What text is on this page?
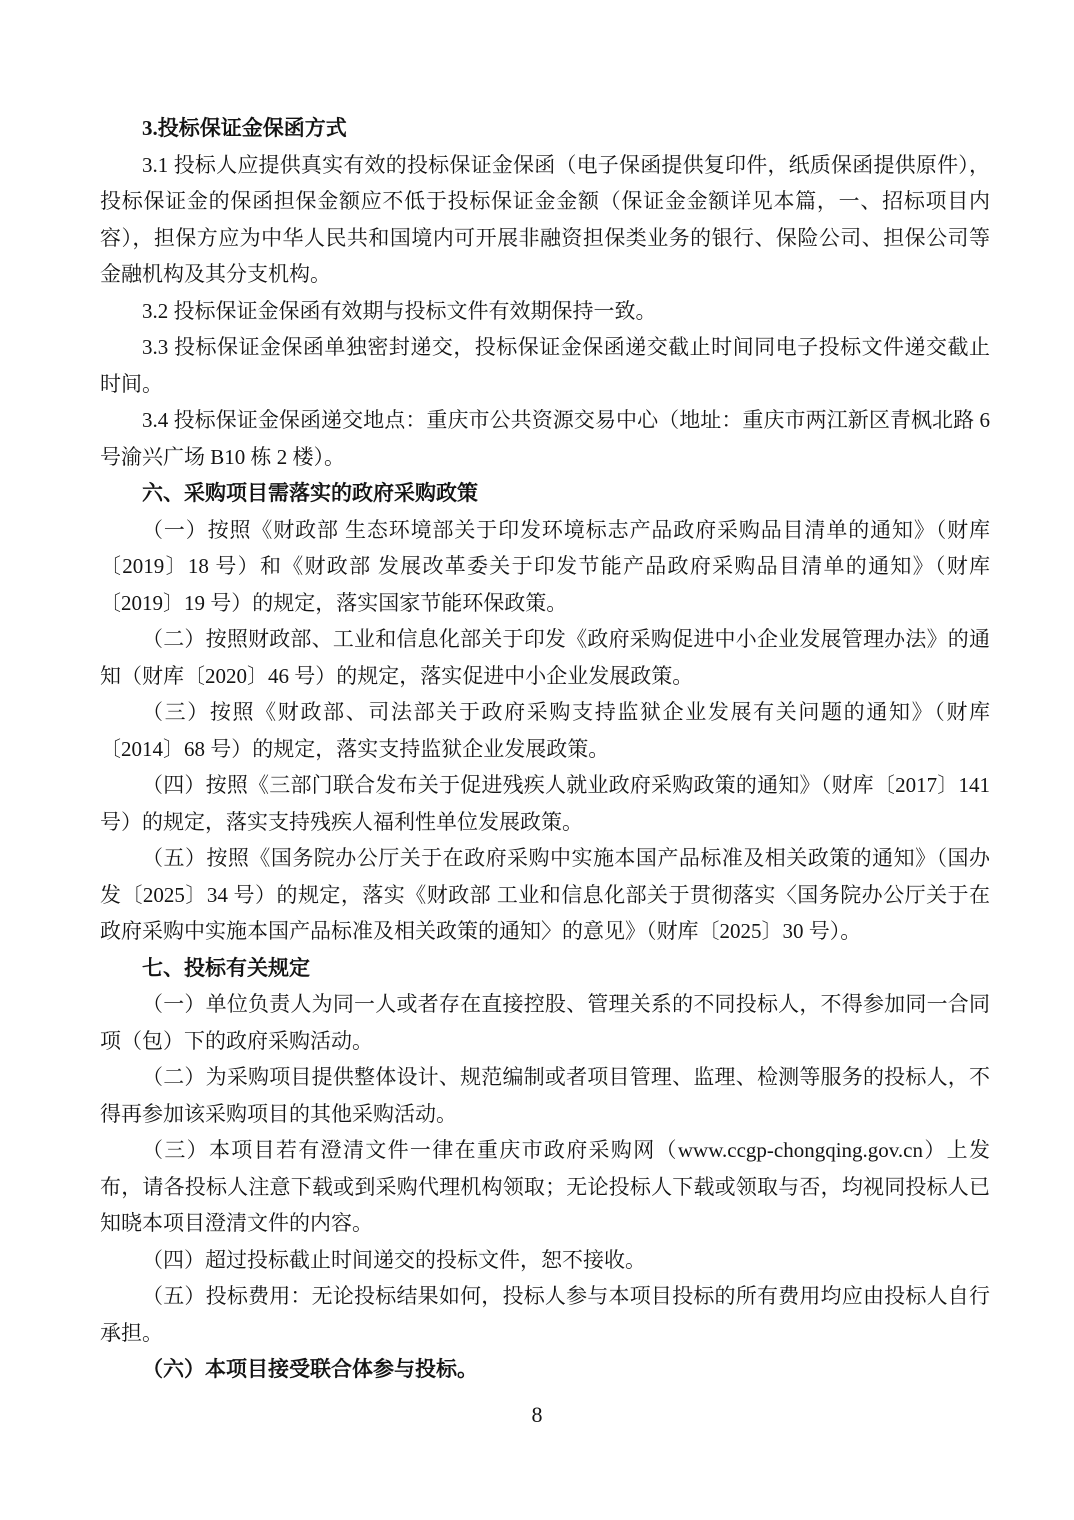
3.投标保证金保函方式

3.1 投标人应提供真实有效的投标保证金保函（电子保函提供复印件，纸质保函提供原件），投标保证金的保函担保金额应不低于投标保证金金额（保证金金额详见本篇，一、招标项目内容），担保方应为中华人民共和国境内可开展非融资担保类业务的银行、保险公司、担保公司等金融机构及其分支机构。

3.2 投标保证金保函有效期与投标文件有效期保持一致。

3.3 投标保证金保函单独密封递交，投标保证金保函递交截止时间同电子投标文件递交截止时间。

3.4 投标保证金保函递交地点：重庆市公共资源交易中心（地址：重庆市两江新区青枫北路 6 号渝兴广场 B10 栋 2 楼）。

六、采购项目需落实的政府采购政策

（一）按照《财政部 生态环境部关于印发环境标志产品政府采购品目清单的通知》（财库〔2019〕18 号）和《财政部 发展改革委关于印发节能产品政府采购品目清单的通知》（财库〔2019〕19 号）的规定，落实国家节能环保政策。

（二）按照财政部、工业和信息化部关于印发《政府采购促进中小企业发展管理办法》的通知（财库〔2020〕46 号）的规定，落实促进中小企业发展政策。

（三）按照《财政部、司法部关于政府采购支持监狱企业发展有关问题的通知》（财库〔2014〕68 号）的规定，落实支持监狱企业发展政策。

（四）按照《三部门联合发布关于促进残疾人就业政府采购政策的通知》（财库〔2017〕141 号）的规定，落实支持残疾人福利性单位发展政策。

（五）按照《国务院办公厅关于在政府采购中实施本国产品标准及相关政策的通知》（国办发〔2025〕34 号）的规定，落实《财政部 工业和信息化部关于贯彻落实〈国务院办公厅关于在政府采购中实施本国产品标准及相关政策的通知〉的意见》（财库〔2025〕30 号）。

七、投标有关规定

（一）单位负责人为同一人或者存在直接控股、管理关系的不同投标人，不得参加同一合同项（包）下的政府采购活动。

（二）为采购项目提供整体设计、规范编制或者项目管理、监理、检测等服务的投标人，不得再参加该采购项目的其他采购活动。

（三）本项目若有澄清文件一律在重庆市政府采购网（www.ccgp-chongqing.gov.cn）上发布，请各投标人注意下载或到采购代理机构领取；无论投标人下载或领取与否，均视同投标人已知晓本项目澄清文件的内容。

（四）超过投标截止时间递交的投标文件，恕不接收。

（五）投标费用：无论投标结果如何，投标人参与本项目投标的所有费用均应由投标人自行承担。

（六）本项目接受联合体参与投标。

8
